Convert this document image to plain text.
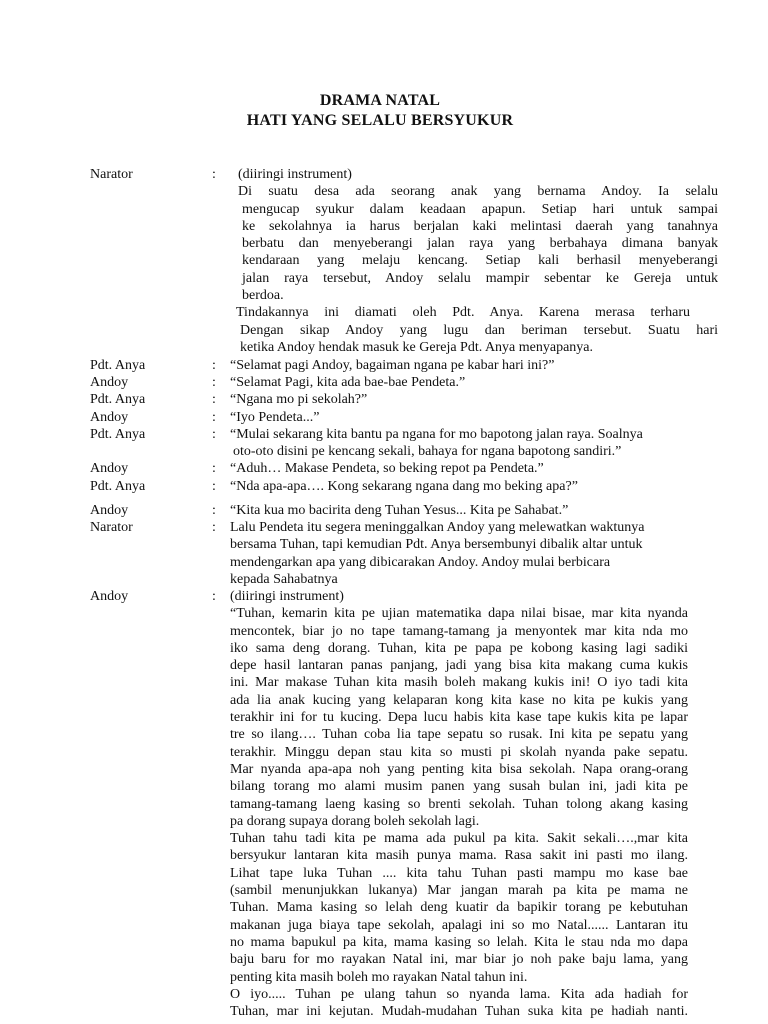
DRAMA NATAL
HATI YANG SELALU BERSYUKUR
Narator	: (diiringi instrument)
Di suatu desa ada seorang anak yang bernama Andoy. Ia selalu
mengucap syukur dalam keadaan apapun. Setiap hari untuk sampai
ke sekolahnya ia harus berjalan kaki melintasi daerah yang tanahnya
berbatu dan menyeberangi jalan raya yang berbahaya dimana banyak
kendaraan yang melaju kencang. Setiap kali berhasil menyeberangi
jalan raya tersebut, Andoy selalu mampir sebentar ke Gereja untuk
berdoa.
Tindakannya ini diamati oleh Pdt. Anya. Karena merasa terharu
Dengan sikap Andoy yang lugu dan beriman tersebut. Suatu hari
ketika Andoy hendak masuk ke Gereja Pdt. Anya menyapanya.
Pdt. Anya	: “Selamat pagi Andoy, bagaiman ngana pe kabar hari ini?”
Andoy	: “Selamat Pagi, kita ada bae-bae Pendeta.”
Pdt. Anya	: “Ngana mo pi sekolah?”
Andoy	: “Iyo Pendeta...”
Pdt. Anya	: “Mulai sekarang kita bantu pa ngana for mo bapotong jalan raya. Soalnya
oto-oto disini pe kencang sekali, bahaya for ngana bapotong sandiri.”
Andoy	: “Aduh… Makase Pendeta, so beking repot pa Pendeta.”
Pdt. Anya	: “Nda apa-apa…. Kong sekarang ngana dang mo beking apa?”
Andoy	: “Kita kua mo bacirita deng Tuhan Yesus... Kita pe Sahabat.”
Narator	: Lalu Pendeta itu segera meninggalkan Andoy yang melewatkan waktunya
bersama Tuhan, tapi kemudian Pdt. Anya bersembunyi dibalik altar untuk
mendengarkan apa yang dibicarakan Andoy. Andoy mulai berbicara
kepada Sahabatnya
Andoy	: (diiringi instrument)
“Tuhan, kemarin kita pe ujian matematika dapa nilai bisae, mar kita nyanda
mencontek, biar jo no tape tamang-tamang ja menyontek mar kita nda mo
iko sama deng dorang. Tuhan, kita pe papa pe kobong kasing lagi sadiki
depe hasil lantaran panas panjang, jadi yang bisa kita makang cuma kukis
ini. Mar makase Tuhan kita masih boleh makang kukis ini! O iyo tadi kita
ada lia anak kucing yang kelaparan kong kita kase no kita pe kukis yang
terakhir ini for tu kucing. Depa lucu habis kita kase tape kukis kita pe lapar
tre so ilang…. Tuhan coba lia tape sepatu so rusak. Ini kita pe sepatu yang
terakhir. Minggu depan stau kita so musti pi skolah nyanda pake sepatu.
Mar nyanda apa-apa noh yang penting kita bisa sekolah. Napa orang-orang
bilang torang mo alami musim panen yang susah bulan ini, jadi kita pe
tamang-tamang laeng kasing so brenti sekolah. Tuhan tolong akang kasing
pa dorang supaya dorang boleh sekolah lagi.
Tuhan tahu tadi kita pe mama ada pukul pa kita. Sakit sekali….,mar kita
bersyukur lantaran kita masih punya mama. Rasa sakit ini pasti mo ilang.
Lihat tape luka Tuhan .... kita tahu Tuhan pasti mampu mo kase bae
(sambil menunjukkan lukanya) Mar jangan marah pa kita pe mama ne
Tuhan. Mama kasing so lelah deng kuatir da bapikir torang pe kebutuhan
makanan juga biaya tape sekolah, apalagi ini so mo Natal...... Lantaran itu
no mama bapukul pa kita, mama kasing so lelah. Kita le stau nda mo dapa
baju baru for mo rayakan Natal ini, mar biar jo noh pake baju lama, yang
penting kita masih boleh mo rayakan Natal tahun ini.
O iyo..... Tuhan pe ulang tahun so nyanda lama. Kita ada hadiah for
Tuhan, mar ini kejutan. Mudah-mudahan Tuhan suka kita pe hadiah nanti.
